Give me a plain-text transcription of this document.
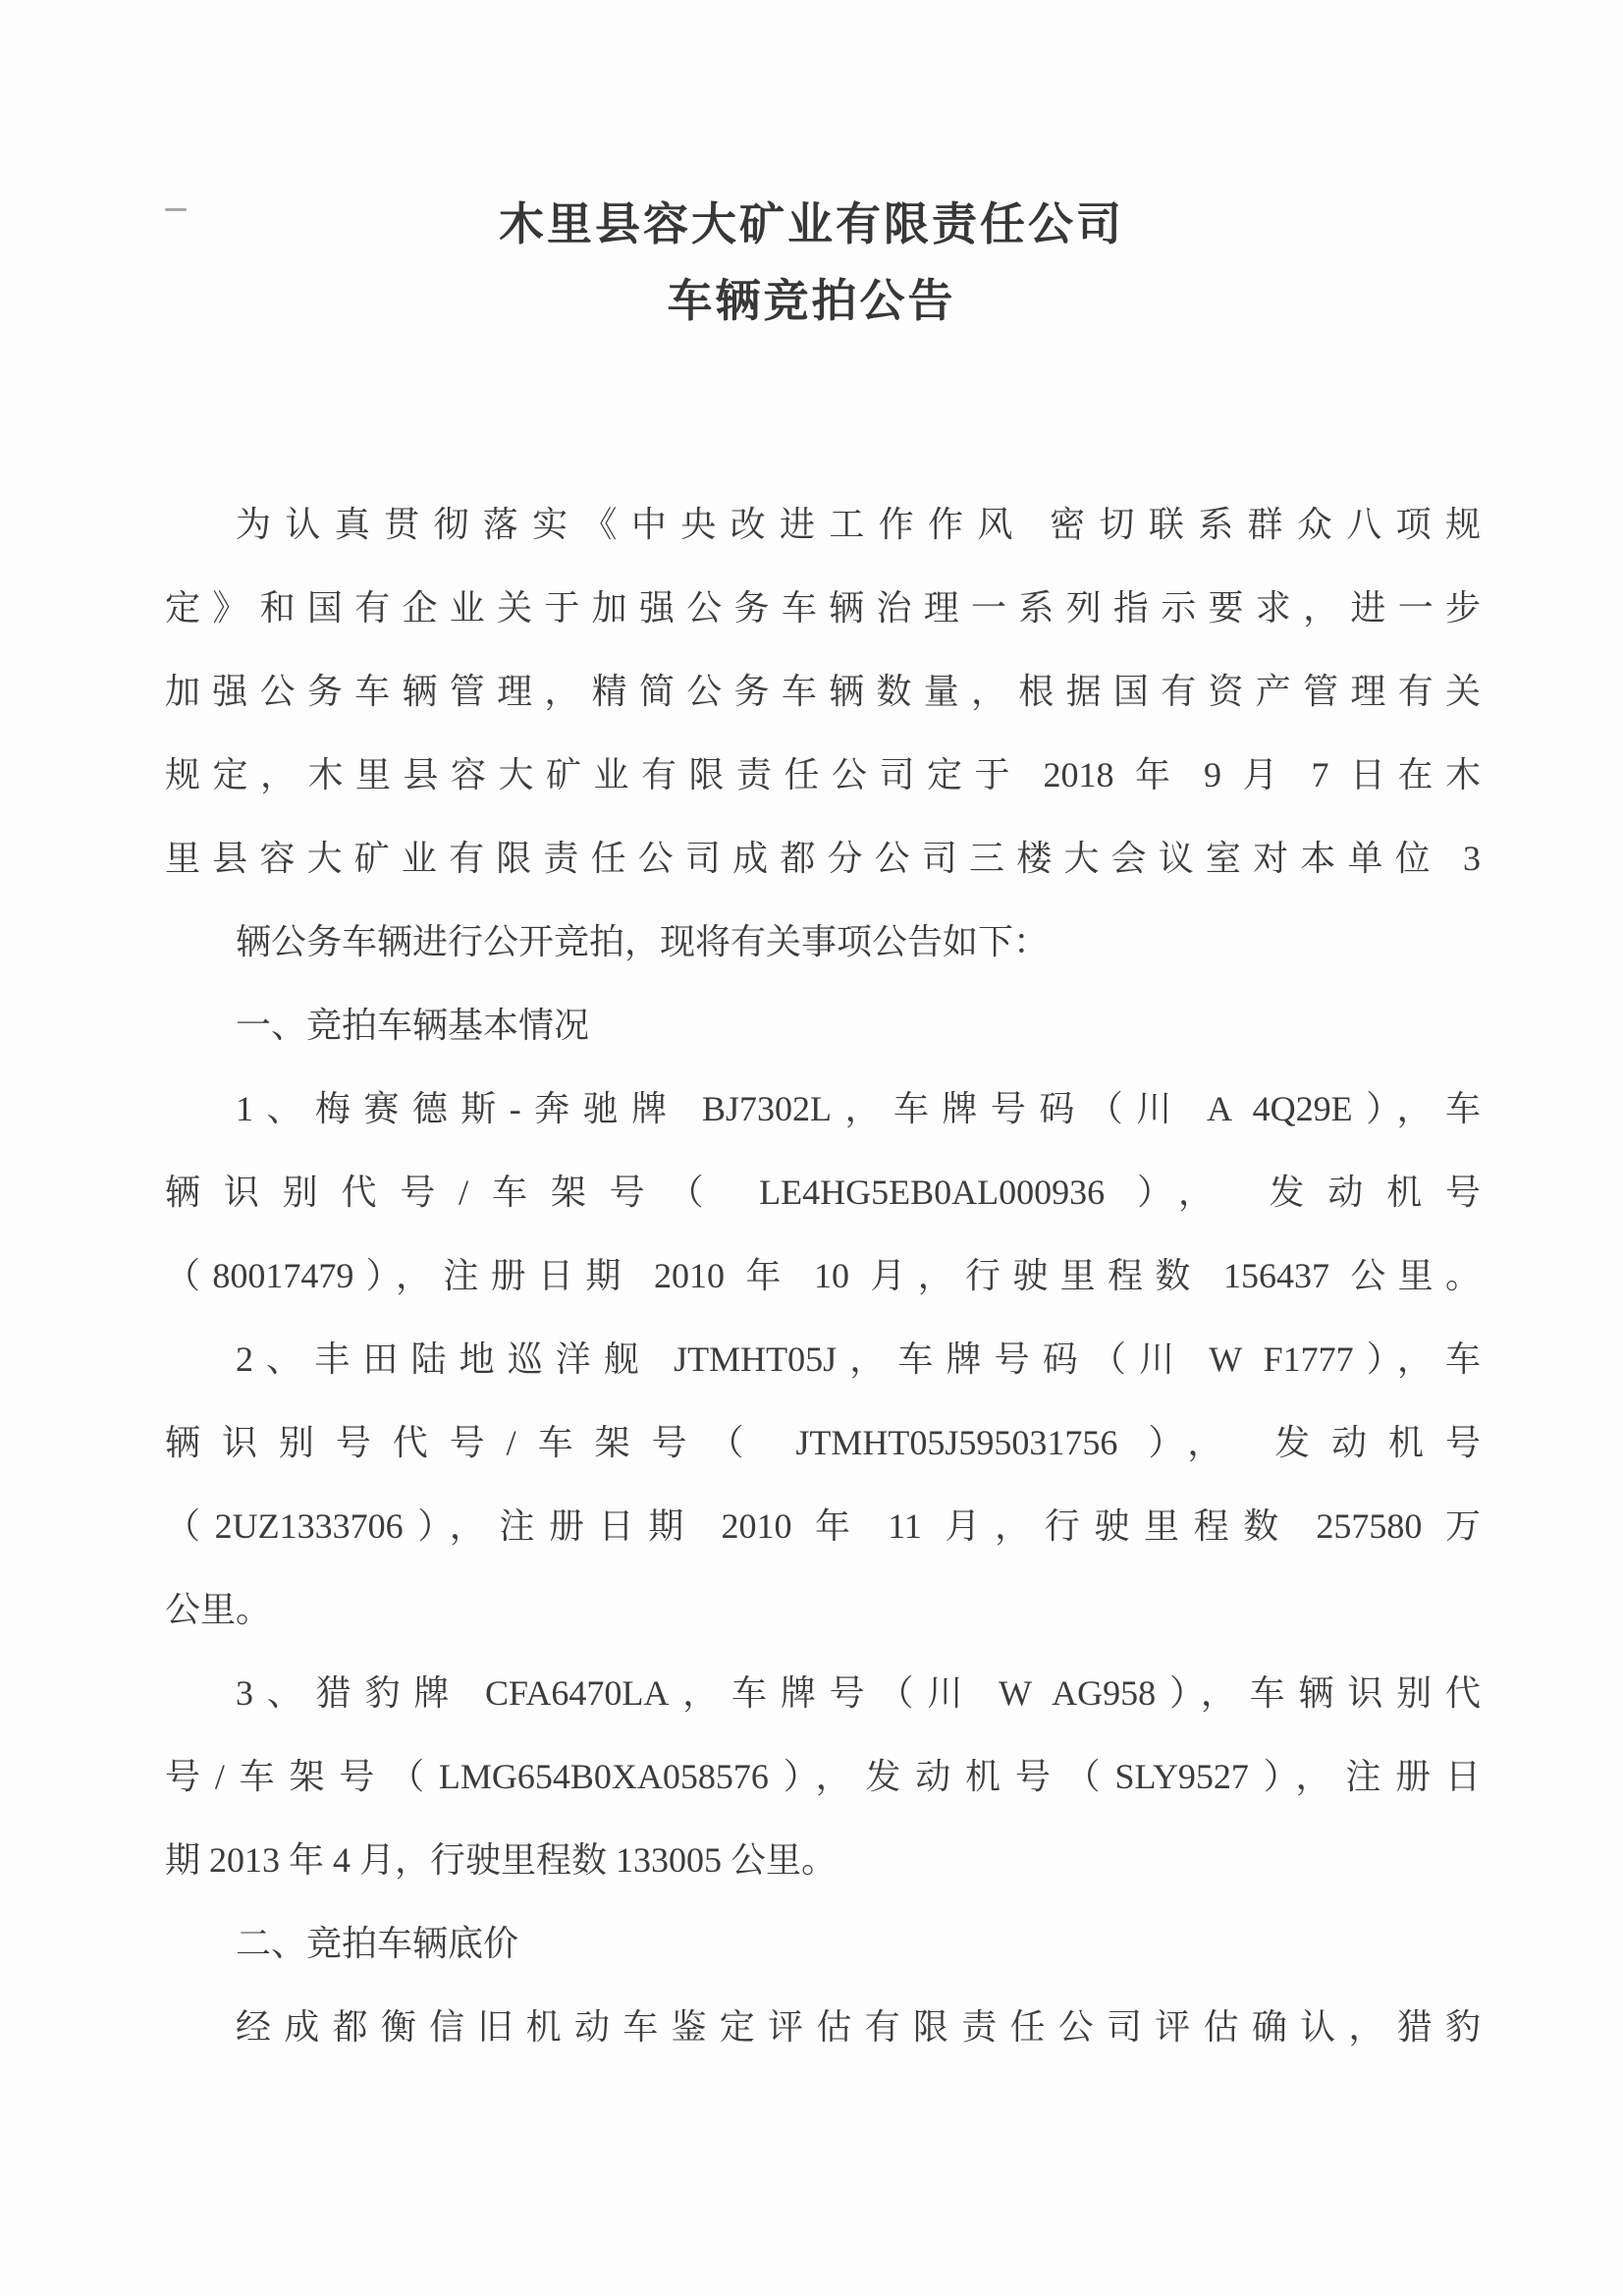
木里县容大矿业有限责任公司
车辆竞拍公告
为认真贯彻落实《中央改进工作作风 密切联系群众八项规
定》和国有企业关于加强公务车辆治理一系列指示要求，进一步
加强公务车辆管理，精简公务车辆数量，根据国有资产管理有关
规定，木里县容大矿业有限责任公司定于 2018 年 9 月 7 日在木
里县容大矿业有限责任公司成都分公司三楼大会议室对本单位 3
辆公务车辆进行公开竞拍，现将有关事项公告如下：
一、竞拍车辆基本情况
1、梅赛德斯-奔驰牌 BJ7302L，车牌号码（川 A 4Q29E），车
辆识别代号/车架号（ LE4HG5EB0AL000936 ）， 发动机号
（80017479），注册日期 2010 年 10 月，行驶里程数 156437 公里。
2、丰田陆地巡洋舰 JTMHT05J，车牌号码（川 W F1777），车
辆识别号代号/车架号（ JTMHT05J595031756 ）， 发动机号
（2UZ1333706），注册日期 2010 年 11 月，行驶里程数 257580 万
公里。
3、猎豹牌 CFA6470LA，车牌号（川 W AG958），车辆识别代
号/车架号（LMG654B0XA058576），发动机号（SLY9527），注册日
期 2013 年 4 月，行驶里程数 133005 公里。
二、竞拍车辆底价
经成都衡信旧机动车鉴定评估有限责任公司评估确认，猎豹
